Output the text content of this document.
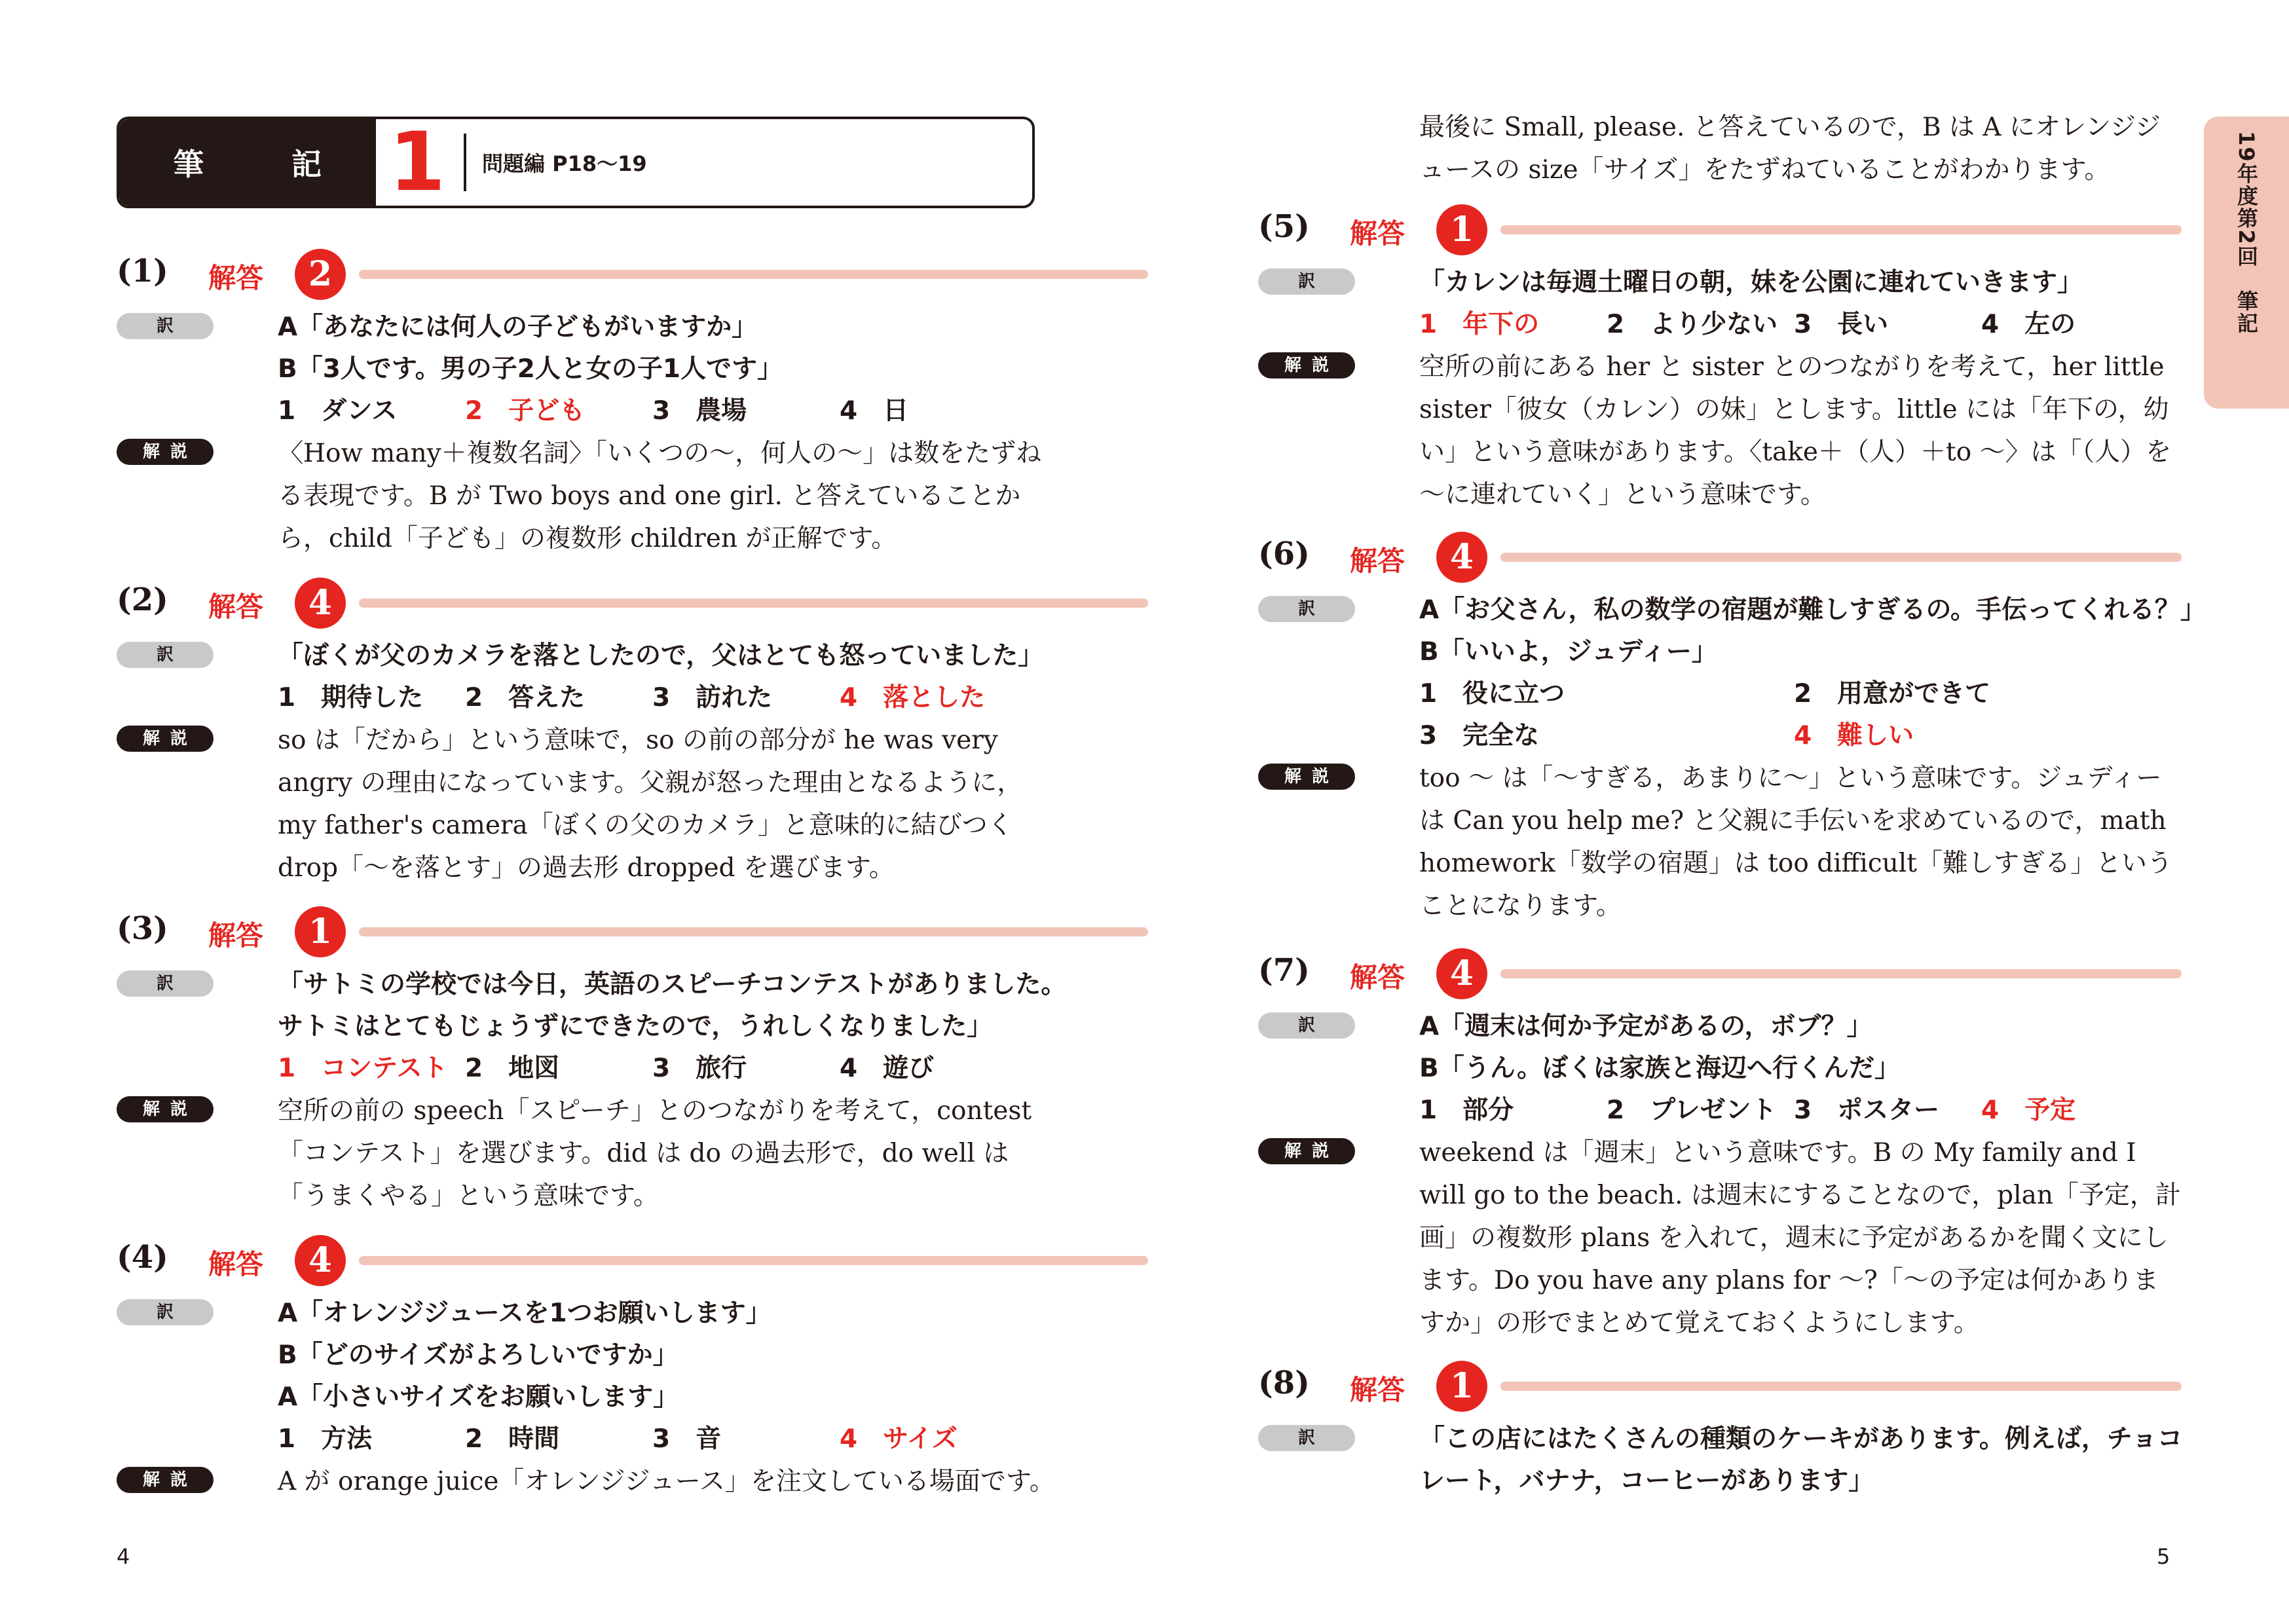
筆　記 1	問題編 P18〜19
(1) 解答	2
訳	A「あなたには何人の子どもがいますか」
B「3人です。男の子2人と女の子1人です」
1　ダンス	2　子ども	3　農場	4　日
解説	〈How many＋複数名詞〉「いくつの〜，何人の〜」は数をたずね
る表現です。B が Two boys and one girl. と答えていることか
ら，child「子ども」の複数形 children が正解です。
(2) 解答	4
訳	「ぼくが父のカメラを落としたので，父はとても怒っていました」
1　期待した	2　答えた	3　訪れた	4　落とした
解説	so は「だから」という意味で，so の前の部分が he was very
angry の理由になっています。父親が怒った理由となるように，
my father's camera「ぼくの父のカメラ」と意味的に結びつく
drop「〜を落とす」の過去形 dropped を選びます。
(3) 解答	1
訳	「サトミの学校では今日，英語のスピーチコンテストがありました。
サトミはとてもじょうずにできたので，うれしくなりました」
1　コンテスト 2　地図	3　旅行	4　遊び
解説	空所の前の speech「スピーチ」とのつながりを考えて，contest
「コンテスト」を選びます。did は do の過去形で，do well は
「うまくやる」という意味です。
(4) 解答	4
訳	A「オレンジジュースを1つお願いします」
B「どのサイズがよろしいですか」
A「小さいサイズをお願いします」
1　方法	2　時間	3　音	4　サイズ
解説	A が orange juice「オレンジジュース」を注文している場面です。
4
最後に Small, please. と答えているので，B は A にオレンジジ
ュースの size「サイズ」をたずねていることがわかります。
(5) 解答	1
訳	「カレンは毎週土曜日の朝，妹を公園に連れていきます」
1　年下の	2　より少ない 3　長い	4　左の
解説	空所の前にある her と sister とのつながりを考えて，her little
sister「彼女（カレン）の妹」とします。little には「年下の，幼
い」という意味があります。〈take＋（人）＋to 〜〉は「（人）を
〜に連れていく」という意味です。
(6) 解答	4
訳	A「お父さん，私の数学の宿題が難しすぎるの。手伝ってくれる？」
B「いいよ，ジュディー」
1　役に立つ	2　用意ができて
3　完全な	4　難しい
解説	too 〜 は「〜すぎる，あまりに〜」という意味です。ジュディー
は Can you help me? と父親に手伝いを求めているので，math
homework「数学の宿題」は too difficult「難しすぎる」という
ことになります。
(7) 解答	4
訳	A「週末は何か予定があるの，ボブ？」
B「うん。ぼくは家族と海辺へ行くんだ」
1　部分	2　プレゼント 3　ポスター	4　予定
解説	weekend は「週末」という意味です。B の My family and I
will go to the beach. は週末にすることなので，plan「予定，計
画」の複数形 plans を入れて，週末に予定があるかを聞く文にし
ます。Do you have any plans for 〜?「〜の予定は何かありま
すか」の形でまとめて覚えておくようにします。
(8) 解答	1
訳	「この店にはたくさんの種類のケーキがあります。例えば，チョコ
レート，バナナ，コーヒーがあります」
5
19年度第2回　筆記
